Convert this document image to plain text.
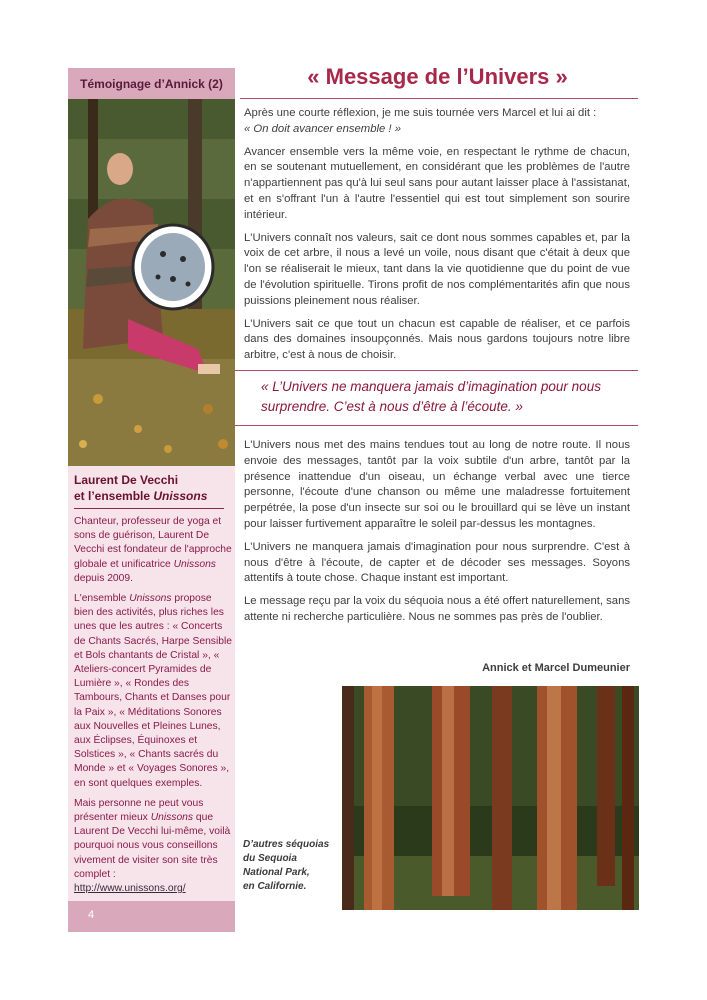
Témoignage d’Annick (2)
Laurent De Vecchi
et l’ensemble Unissons

Chanteur, professeur de yoga et sons de guérison, Laurent De Vecchi est fondateur de l'approche globale et unificatrice Unissons depuis 2009.

L'ensemble Unissons propose bien des activités, plus riches les unes que les autres : « Concerts de Chants Sacrés, Harpe Sensible et Bols chantants de Cristal », « Ateliers-concert Pyramides de Lumière », « Rondes des Tambours, Chants et Danses pour la Paix », « Méditations Sonores aux Nouvelles et Pleines Lunes, aux Éclipses, Équinoxes et Solstices », « Chants sacrés du Monde » et « Voyages Sonores », en sont quelques exemples.

Mais personne ne peut vous présenter mieux Unissons que Laurent De Vecchi lui-même, voilà pourquoi nous vous conseillons vivement de visiter son site très complet :
http://www.unissons.org/

4
« Message de l’Univers »

Après une courte réflexion, je me suis tournée vers Marcel et lui ai dit :
« On doit avancer ensemble ! »

Avancer ensemble vers la même voie, en respectant le rythme de chacun, en se soutenant mutuellement, en considérant que les problèmes de l'autre n'appartiennent pas qu'à lui seul sans pour autant laisser place à l'assistanat, et en s'offrant l'un à l'autre l'essentiel qui est tout simplement son sourire intérieur.

L'Univers connaît nos valeurs, sait ce dont nous sommes capables et, par la voix de cet arbre, il nous a levé un voile, nous disant que c'était à deux que l'on se réaliserait le mieux, tant dans la vie quotidienne que du point de vue de l'évolution spirituelle. Tirons profit de nos complémentarités afin que nous puissions pleinement nous réaliser.

L'Univers sait ce que tout un chacun est capable de réaliser, et ce parfois dans des domaines insoupçonnés. Mais nous gardons toujours notre libre arbitre, c'est à nous de choisir.

« L’Univers ne manquera jamais d’imagination pour nous surprendre. C’est à nous d’être à l’écoute. »

L'Univers nous met des mains tendues tout au long de notre route. Il nous envoie des messages, tantôt par la voix subtile d'un arbre, tantôt par la présence inattendue d'un oiseau, un échange verbal avec une tierce personne, l'écoute d'une chanson ou même une maladresse fortuitement perpétrée, la pose d'un insecte sur soi ou le brouillard qui se lève un instant pour laisser furtivement apparaître le soleil par-dessus les montagnes.

L'Univers ne manquera jamais d'imagination pour nous surprendre. C'est à nous d'être à l'écoute, de capter et de décoder ses messages. Soyons attentifs à toute chose. Chaque instant est important.

Le message reçu par la voix du séquoia nous a été offert naturellement, sans attente ni recherche particulière. Nous ne sommes pas près de l'oublier.

Annick et Marcel Dumeunier
D’autres séquoias
du Sequoia
National Park,
en Californie.
